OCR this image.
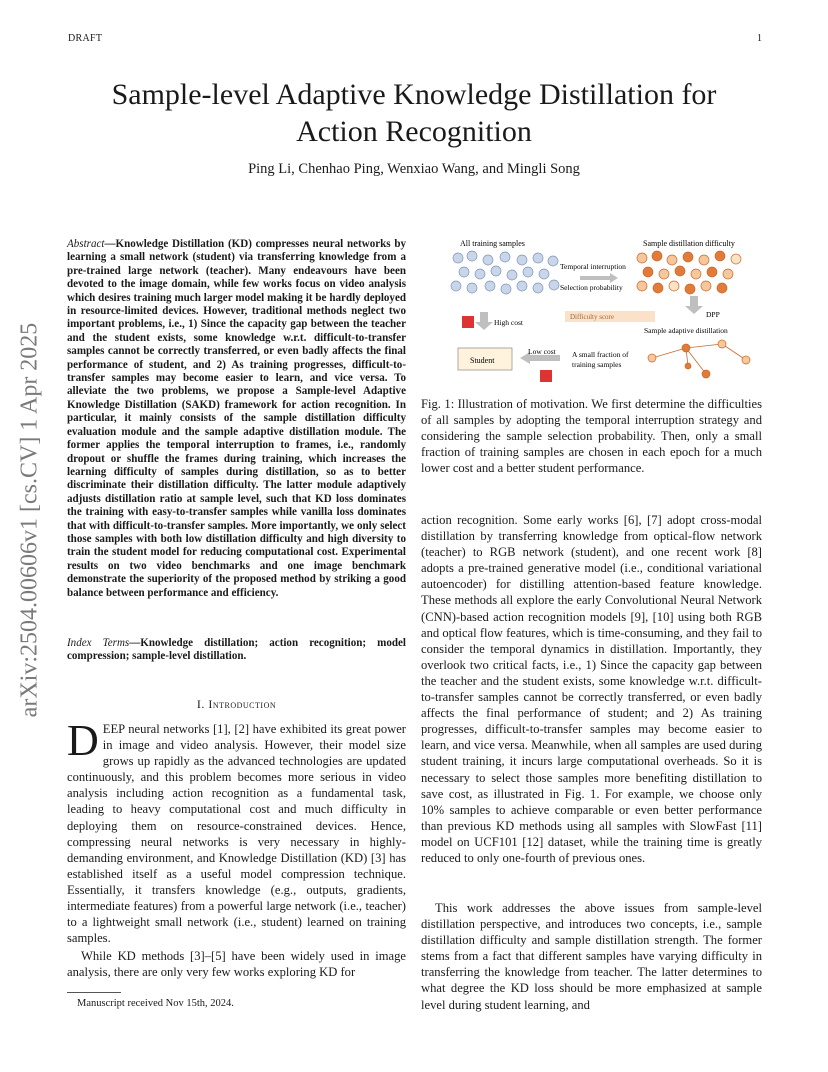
DRAFT	1
arXiv:2504.00606v1 [cs.CV] 1 Apr 2025
Sample-level Adaptive Knowledge Distillation for Action Recognition
Ping Li, Chenhao Ping, Wenxiao Wang, and Mingli Song
Abstract—Knowledge Distillation (KD) compresses neural networks by learning a small network (student) via transferring knowledge from a pre-trained large network (teacher). Many endeavours have been devoted to the image domain, while few works focus on video analysis which desires training much larger model making it be hardly deployed in resource-limited devices. However, traditional methods neglect two important problems, i.e., 1) Since the capacity gap between the teacher and the student exists, some knowledge w.r.t. difficult-to-transfer samples cannot be correctly transferred, or even badly affects the final performance of student, and 2) As training progresses, difficult-to-transfer samples may become easier to learn, and vice versa. To alleviate the two problems, we propose a Sample-level Adaptive Knowledge Distillation (SAKD) framework for action recognition. In particular, it mainly consists of the sample distillation difficulty evaluation module and the sample adaptive distillation module. The former applies the temporal interruption to frames, i.e., randomly dropout or shuffle the frames during training, which increases the learning difficulty of samples during distillation, so as to better discriminate their distillation difficulty. The latter module adaptively adjusts distillation ratio at sample level, such that KD loss dominates the training with easy-to-transfer samples while vanilla loss dominates that with difficult-to-transfer samples. More importantly, we only select those samples with both low distillation difficulty and high diversity to train the student model for reducing computational cost. Experimental results on two video benchmarks and one image benchmark demonstrate the superiority of the proposed method by striking a good balance between performance and efficiency.
Index Terms—Knowledge distillation; action recognition; model compression; sample-level distillation.
I. Introduction
DEEP neural networks [1], [2] have exhibited its great power in image and video analysis. However, their model size grows up rapidly as the advanced technologies are updated continuously, and this problem becomes more serious in video analysis including action recognition as a fundamental task, leading to heavy computational cost and much difficulty in deploying them on resource-constrained devices. Hence, compressing neural networks is very necessary in highly-demanding environment, and Knowledge Distillation (KD) [3] has established itself as a useful model compression technique. Essentially, it transfers knowledge (e.g., outputs, gradients, intermediate features) from a powerful large network (i.e., teacher) to a lightweight small network (i.e., student) learned on training samples.
While KD methods [3]–[5] have been widely used in image analysis, there are only very few works exploring KD for
Manuscript received Nov 15th, 2024.
All training samples	Sample distillation difficulty
Temporal interruption
Selection probability
High cost
Difficulty score	DPP
Sample adaptive distillation
Student
Low cost A small fraction of
training samples
Fig. 1: Illustration of motivation. We first determine the difficulties of all samples by adopting the temporal interruption strategy and considering the sample selection probability. Then, only a small fraction of training samples are chosen in each epoch for a much lower cost and a better student performance.
action recognition. Some early works [6], [7] adopt cross-modal distillation by transferring knowledge from optical-flow network (teacher) to RGB network (student), and one recent work [8] adopts a pre-trained generative model (i.e., conditional variational autoencoder) for distilling attention-based feature knowledge. These methods all explore the early Convolutional Neural Network (CNN)-based action recognition models [9], [10] using both RGB and optical flow features, which is time-consuming, and they fail to consider the temporal dynamics in distillation. Importantly, they overlook two critical facts, i.e., 1) Since the capacity gap between the teacher and the student exists, some knowledge w.r.t. difficult-to-transfer samples cannot be correctly transferred, or even badly affects the final performance of student; and 2) As training progresses, difficult-to-transfer samples may become easier to learn, and vice versa. Meanwhile, when all samples are used during student training, it incurs large computational overheads. So it is necessary to select those samples more benefiting distillation to save cost, as illustrated in Fig. 1. For example, we choose only 10% samples to achieve comparable or even better performance than previous KD methods using all samples with SlowFast [11] model on UCF101 [12] dataset, while the training time is greatly reduced to only one-fourth of previous ones.
This work addresses the above issues from sample-level distillation perspective, and introduces two concepts, i.e., sample distillation difficulty and sample distillation strength. The former stems from a fact that different samples have varying difficulty in transferring the knowledge from teacher. The latter determines to what degree the KD loss should be more emphasized at sample level during student learning, and
